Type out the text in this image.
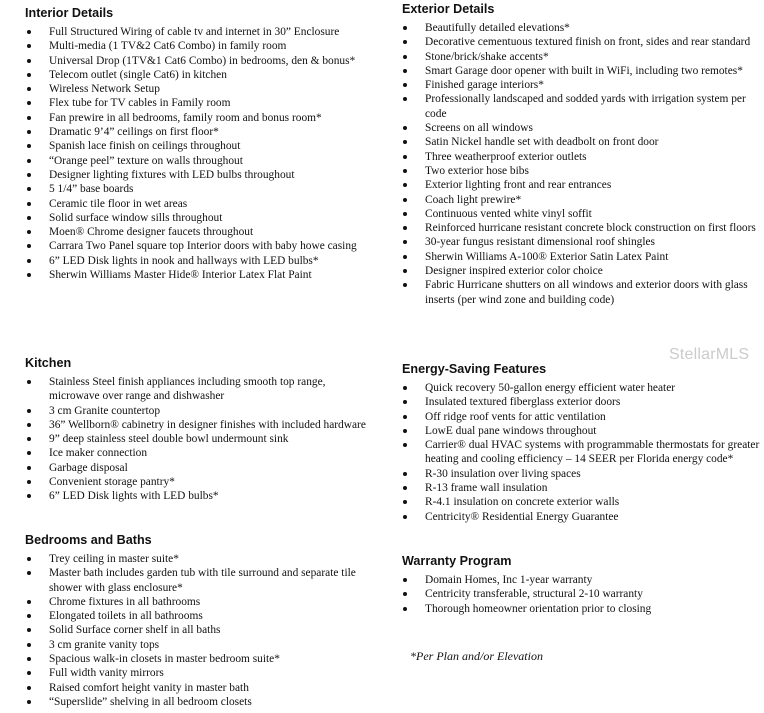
Interior Details
Full Structured Wiring of cable tv and internet in 30” Enclosure
Multi-media (1 TV&2 Cat6 Combo) in family room
Universal Drop (1TV&1 Cat6 Combo) in bedrooms, den & bonus*
Telecom outlet (single Cat6) in kitchen
Wireless Network Setup
Flex tube for TV cables in Family room
Fan prewire in all bedrooms, family room and bonus room*
Dramatic 9’4” ceilings on first floor*
Spanish lace finish on ceilings throughout
“Orange peel” texture on walls throughout
Designer lighting fixtures with LED bulbs throughout
5 1/4” base boards
Ceramic tile floor in wet areas
Solid surface window sills throughout
Moen® Chrome designer faucets throughout
Carrara Two Panel square top Interior doors with baby howe casing
6” LED Disk lights in nook and hallways with LED bulbs*
Sherwin Williams Master Hide® Interior Latex Flat Paint
Kitchen
Stainless Steel finish appliances including smooth top range, microwave over range and dishwasher
3 cm Granite countertop
36” Wellborn® cabinetry in designer finishes with included hardware
9” deep stainless steel double bowl undermount sink
Ice maker connection
Garbage disposal
Convenient storage pantry*
6” LED Disk lights with LED bulbs*
Bedrooms and Baths
Trey ceiling in master suite*
Master bath includes garden tub with tile surround and separate tile shower with glass enclosure*
Chrome fixtures in all bathrooms
Elongated toilets in all bathrooms
Solid Surface corner shelf in all baths
3 cm granite vanity tops
Spacious walk-in closets in master bedroom suite*
Full width vanity mirrors
Raised comfort height vanity in master bath
“Superslide” shelving in all bedroom closets
Exterior Details
Beautifully detailed elevations*
Decorative cementuous textured finish on front, sides and rear standard
Stone/brick/shake accents*
Smart Garage door opener with built in WiFi, including two remotes*
Finished garage interiors*
Professionally landscaped and sodded yards with irrigation system per code
Screens on all windows
Satin Nickel handle set with deadbolt on front door
Three weatherproof exterior outlets
Two exterior hose bibs
Exterior lighting front and rear entrances
Coach light prewire*
Continuous vented white vinyl soffit
Reinforced hurricane resistant concrete block construction on first floors
30-year fungus resistant dimensional roof shingles
Sherwin Williams A-100® Exterior Satin Latex Paint
Designer inspired exterior color choice
Fabric Hurricane shutters on all windows and exterior doors with glass inserts (per wind zone and building code)
Energy-Saving Features
Quick recovery 50-gallon energy efficient water heater
Insulated textured fiberglass exterior doors
Off ridge roof vents for attic ventilation
LowE dual pane windows throughout
Carrier® dual HVAC systems with programmable thermostats for greater heating and cooling efficiency – 14 SEER per Florida energy code*
R-30 insulation over living spaces
R-13 frame wall insulation
R-4.1 insulation on concrete exterior walls
Centricity® Residential Energy Guarantee
Warranty Program
Domain Homes, Inc 1-year warranty
Centricity transferable, structural 2-10 warranty
Thorough homeowner orientation prior to closing
*Per Plan and/or Elevation
StellarMLS
